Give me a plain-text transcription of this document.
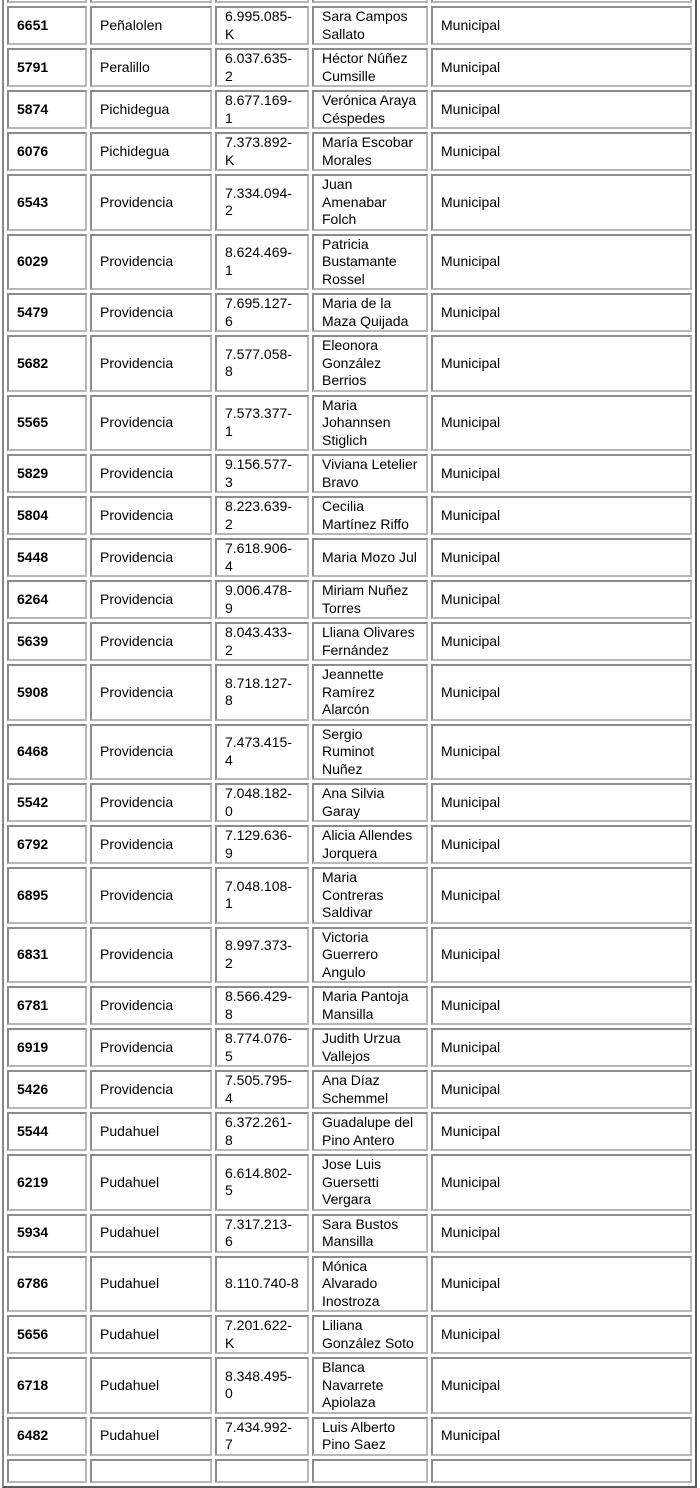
6651	Peñalolen	6.995.085-K	Sara Campos Sallato	Municipal
5791	Peralillo	6.037.635-2	Héctor Núñez Cumsille	Municipal
5874	Pichidegua	8.677.169-1	Verónica Araya Céspedes	Municipal
6076	Pichidegua	7.373.892-K	María Escobar Morales	Municipal
6543	Providencia	7.334.094-2	Juan Amenabar Folch	Municipal
6029	Providencia	8.624.469-1	Patricia Bustamante Rossel	Municipal
5479	Providencia	7.695.127-6	Maria de la Maza Quijada	Municipal
5682	Providencia	7.577.058-8	Eleonora González Berrios	Municipal
5565	Providencia	7.573.377-1	Maria Johannsen Stiglich	Municipal
5829	Providencia	9.156.577-3	Viviana Letelier Bravo	Municipal
5804	Providencia	8.223.639-2	Cecilia Martínez Riffo	Municipal
5448	Providencia	7.618.906-4	Maria Mozo Jul	Municipal
6264	Providencia	9.006.478-9	Miriam Nuñez Torres	Municipal
5639	Providencia	8.043.433-2	Lliana Olivares Fernández	Municipal
5908	Providencia	8.718.127-8	Jeannette Ramírez Alarcón	Municipal
6468	Providencia	7.473.415-4	Sergio Ruminot Nuñez	Municipal
5542	Providencia	7.048.182-0	Ana Silvia Garay	Municipal
6792	Providencia	7.129.636-9	Alicia Allendes Jorquera	Municipal
6895	Providencia	7.048.108-1	Maria Contreras Saldivar	Municipal
6831	Providencia	8.997.373-2	Victoria Guerrero Angulo	Municipal
6781	Providencia	8.566.429-8	Maria Pantoja Mansilla	Municipal
6919	Providencia	8.774.076-5	Judith Urzua Vallejos	Municipal
5426	Providencia	7.505.795-4	Ana Díaz Schemmel	Municipal
5544	Pudahuel	6.372.261-8	Guadalupe del Pino Antero	Municipal
6219	Pudahuel	6.614.802-5	Jose Luis Guersetti Vergara	Municipal
5934	Pudahuel	7.317.213-6	Sara Bustos Mansilla	Municipal
6786	Pudahuel	8.110.740-8	Mónica Alvarado Inostroza	Municipal
5656	Pudahuel	7.201.622-K	Liliana González Soto	Municipal
6718	Pudahuel	8.348.495-0	Blanca Navarrete Apiolaza	Municipal
6482	Pudahuel	7.434.992-7	Luis Alberto Pino Saez	Municipal
